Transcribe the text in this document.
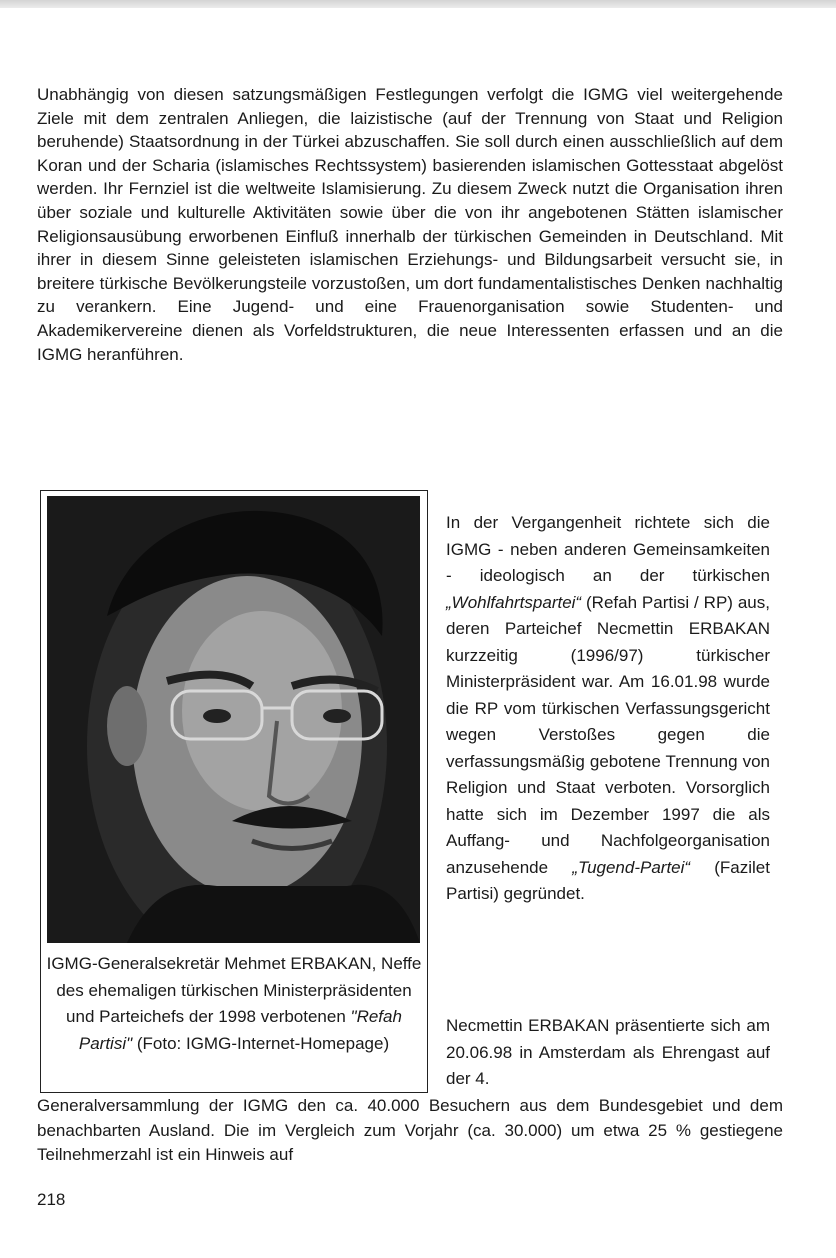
Unabhängig von diesen satzungsmäßigen Festlegungen verfolgt die IGMG viel weitergehende Ziele mit dem zentralen Anliegen, die laizistische (auf der Trennung von Staat und Religion beruhende) Staatsordnung in der Türkei abzuschaffen. Sie soll durch einen ausschließlich auf dem Koran und der Scharia (islamisches Rechtssystem) basierenden islamischen Gottesstaat abgelöst werden. Ihr Fernziel ist die weltweite Islamisierung. Zu diesem Zweck nutzt die Organisation ihren über soziale und kulturelle Aktivitäten sowie über die von ihr angebotenen Stätten islamischer Religionsausübung erworbenen Einfluß innerhalb der türkischen Gemeinden in Deutschland. Mit ihrer in diesem Sinne geleisteten islamischen Erziehungs- und Bildungsarbeit versucht sie, in breitere türkische Bevölkerungsteile vorzustoßen, um dort fundamentalistisches Denken nachhaltig zu verankern. Eine Jugend- und eine Frauenorganisation sowie Studenten- und Akademikervereine dienen als Vorfeldstrukturen, die neue Interessenten erfassen und an die IGMG heranführen.

IGMG-Generalsekretär Mehmet ERBAKAN, Neffe des ehemaligen türkischen Ministerpräsidenten und Parteichefs der 1998 verbotenen "Refah Partisi" (Foto: IGMG-Internet-Homepage)

In der Vergangenheit richtete sich die IGMG - neben anderen Gemeinsamkeiten - ideologisch an der türkischen „Wohlfahrtspartei“ (Refah Partisi / RP) aus, deren Parteichef Necmettin ERBAKAN kurzzeitig (1996/97) türkischer Ministerpräsident war. Am 16.01.98 wurde die RP vom türkischen Verfassungsgericht wegen Verstoßes gegen die verfassungsmäßig gebotene Trennung von Religion und Staat verboten. Vorsorglich hatte sich im Dezember 1997 die als Auffang- und Nachfolgeorganisation anzusehende „Tugend-Partei“ (Fazilet Partisi) gegründet.

Necmettin ERBAKAN präsentierte sich am 20.06.98 in Amsterdam als Ehrengast auf der 4.

Generalversammlung der IGMG den ca. 40.000 Besuchern aus dem Bundesgebiet und dem benachbarten Ausland. Die im Vergleich zum Vorjahr (ca. 30.000) um etwa 25 % gestiegene Teilnehmerzahl ist ein Hinweis auf

218
